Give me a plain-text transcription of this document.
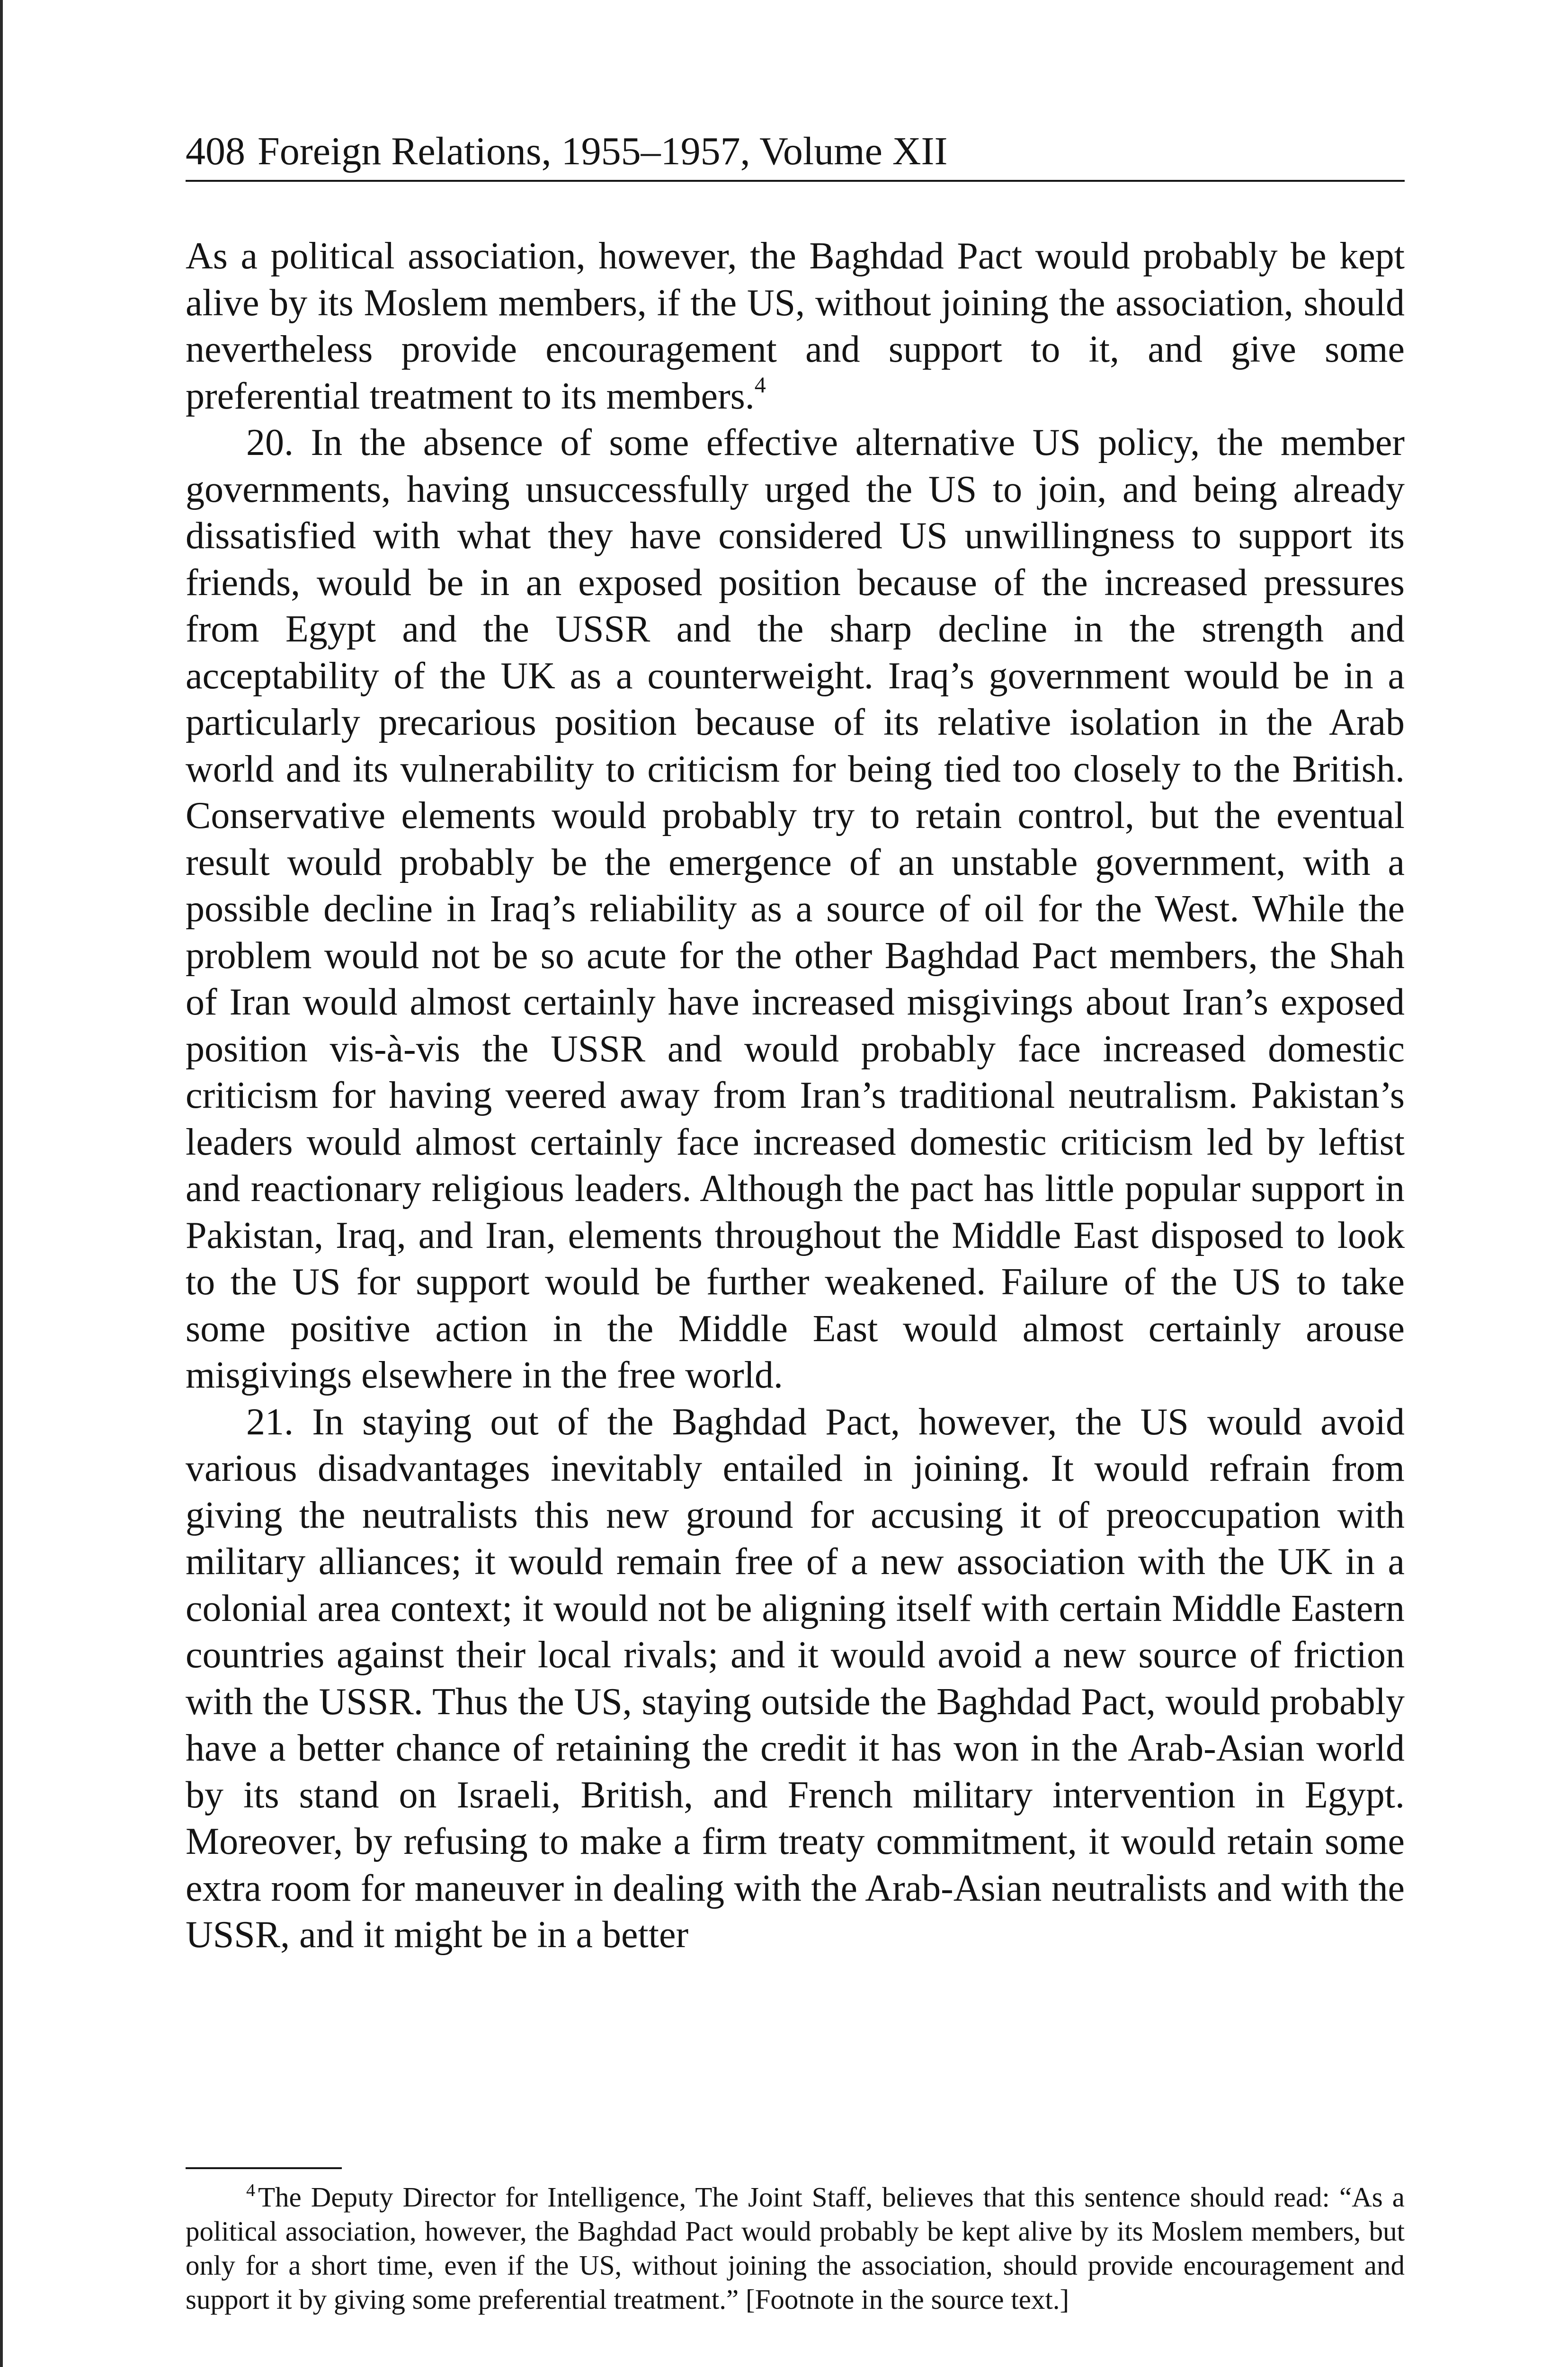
408 Foreign Relations, 1955–1957, Volume XII

As a political association, however, the Baghdad Pact would probably be kept alive by its Moslem members, if the US, without joining the association, should nevertheless provide encouragement and support to it, and give some preferential treatment to its members.$^4$

20. In the absence of some effective alternative US policy, the member governments, having unsuccessfully urged the US to join, and being already dissatisfied with what they have considered US unwillingness to support its friends, would be in an exposed position because of the increased pressures from Egypt and the USSR and the sharp decline in the strength and acceptability of the UK as a counterweight. Iraq’s government would be in a particularly precarious position because of its relative isolation in the Arab world and its vulnerability to criticism for being tied too closely to the British. Conservative elements would probably try to retain control, but the eventual result would probably be the emergence of an unstable government, with a possible decline in Iraq’s reliability as a source of oil for the West. While the problem would not be so acute for the other Baghdad Pact members, the Shah of Iran would almost certainly have increased misgivings about Iran’s exposed position vis-à-vis the USSR and would probably face increased domestic criticism for having veered away from Iran’s traditional neutralism. Pakistan’s leaders would almost certainly face increased domestic criticism led by leftist and reactionary religious leaders. Although the pact has little popular support in Pakistan, Iraq, and Iran, elements throughout the Middle East disposed to look to the US for support would be further weakened. Failure of the US to take some positive action in the Middle East would almost certainly arouse misgivings elsewhere in the free world.

21. In staying out of the Baghdad Pact, however, the US would avoid various disadvantages inevitably entailed in joining. It would refrain from giving the neutralists this new ground for accusing it of preoccupation with military alliances; it would remain free of a new association with the UK in a colonial area context; it would not be aligning itself with certain Middle Eastern countries against their local rivals; and it would avoid a new source of friction with the USSR. Thus the US, staying outside the Baghdad Pact, would probably have a better chance of retaining the credit it has won in the Arab-Asian world by its stand on Israeli, British, and French military intervention in Egypt. Moreover, by refusing to make a firm treaty commitment, it would retain some extra room for maneuver in dealing with the Arab-Asian neutralists and with the USSR, and it might be in a better

$^4$ The Deputy Director for Intelligence, The Joint Staff, believes that this sentence should read: “As a political association, however, the Baghdad Pact would probably be kept alive by its Moslem members, but only for a short time, even if the US, without joining the association, should provide encouragement and support it by giving some preferential treatment.” [Footnote in the source text.]
